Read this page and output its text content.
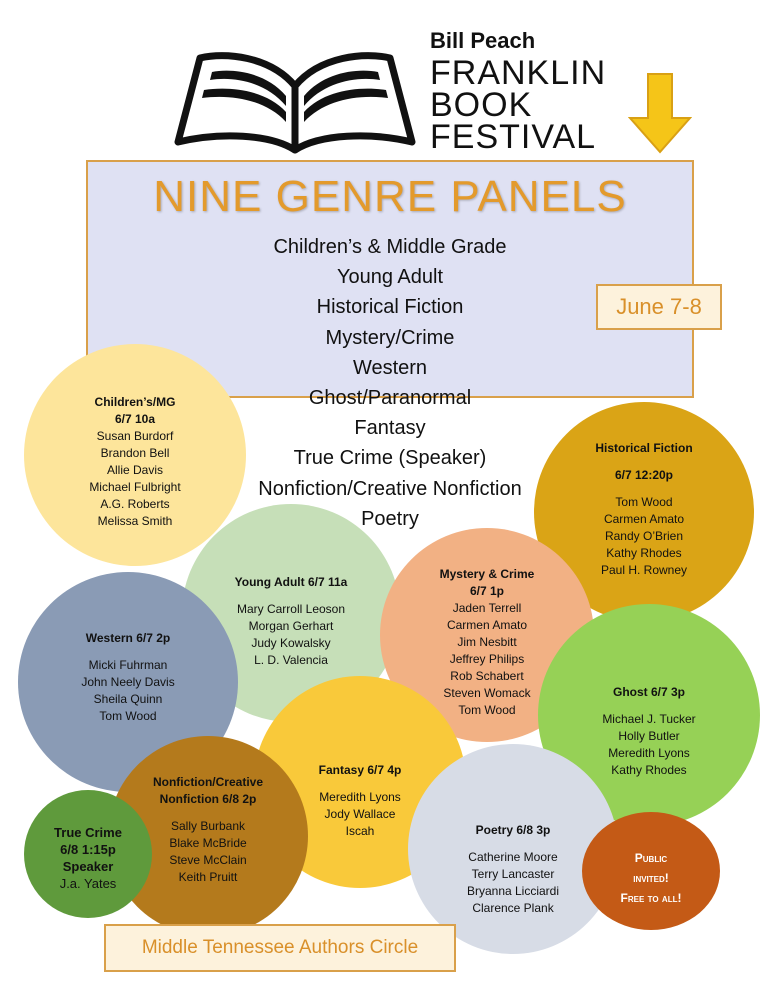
Bill Peach
FRANKLIN
BOOK
FESTIVAL
NINE GENRE PANELS
Children’s & Middle Grade
Young Adult
Historical Fiction
Mystery/Crime
Western
Ghost/Paranormal
Fantasy
True Crime (Speaker)
Nonfiction/Creative Nonfiction
Poetry
June 7-8
Children’s/MG
6/7 10a
Susan Burdorf
Brandon Bell
Allie Davis
Michael Fulbright
A.G. Roberts
Melissa Smith
Historical Fiction
6/7 12:20p
Tom Wood
Carmen Amato
Randy O’Brien
Kathy Rhodes
Paul H. Rowney
Young Adult 6/7 11a
Mary Carroll Leoson
Morgan Gerhart
Judy Kowalsky
L. D. Valencia
Mystery & Crime
6/7 1p
Jaden Terrell
Carmen Amato
Jim Nesbitt
Jeffrey Philips
Rob Schabert
Steven Womack
Tom Wood
Western 6/7 2p
Micki Fuhrman
John Neely Davis
Sheila Quinn
Tom Wood
Ghost 6/7 3p
Michael J. Tucker
Holly Butler
Meredith Lyons
Kathy Rhodes
Fantasy 6/7 4p
Meredith Lyons
Jody Wallace
Iscah
Nonfiction/Creative
Nonfiction 6/8 2p
Sally Burbank
Blake McBride
Steve McClain
Keith Pruitt
True Crime
6/8 1:15p
Speaker
J.a. Yates
Poetry 6/8 3p
Catherine Moore
Terry Lancaster
Bryanna Licciardi
Clarence Plank
Public
invited!
Free to all!
Middle Tennessee Authors Circle
